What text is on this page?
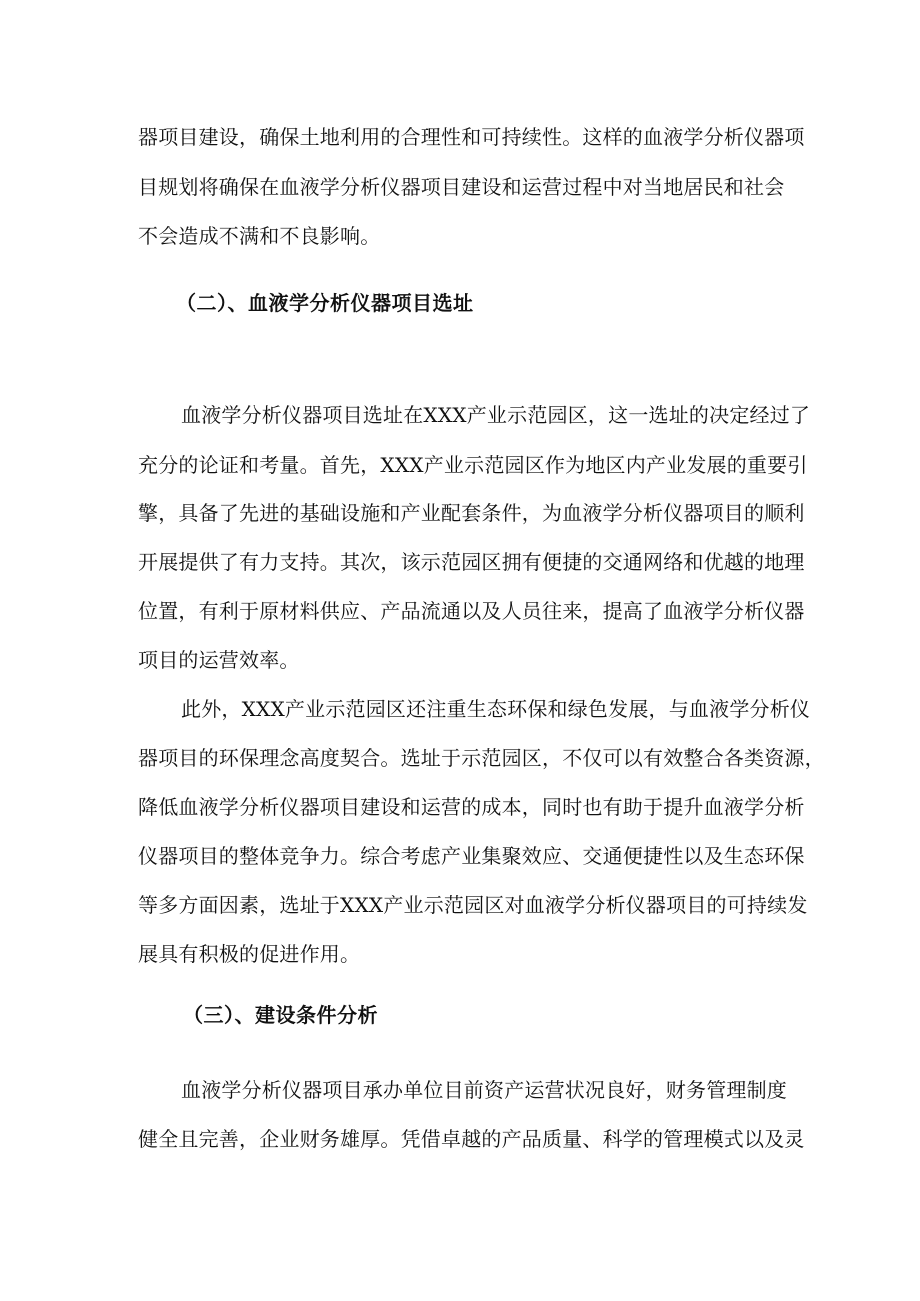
器项目建设，确保土地利用的合理性和可持续性。这样的血液学分析仪器项
目规划将确保在血液学分析仪器项目建设和运营过程中对当地居民和社会
不会造成不满和不良影响。
（二）、血液学分析仪器项目选址
血液学分析仪器项目选址在XXX产业示范园区，这一选址的决定经过了
充分的论证和考量。首先，XXX产业示范园区作为地区内产业发展的重要引
擎，具备了先进的基础设施和产业配套条件，为血液学分析仪器项目的顺利
开展提供了有力支持。其次，该示范园区拥有便捷的交通网络和优越的地理
位置，有利于原材料供应、产品流通以及人员往来，提高了血液学分析仪器
项目的运营效率。
此外，XXX产业示范园区还注重生态环保和绿色发展，与血液学分析仪
器项目的环保理念高度契合。选址于示范园区，不仅可以有效整合各类资源，
降低血液学分析仪器项目建设和运营的成本，同时也有助于提升血液学分析
仪器项目的整体竞争力。综合考虑产业集聚效应、交通便捷性以及生态环保
等多方面因素，选址于XXX产业示范园区对血液学分析仪器项目的可持续发
展具有积极的促进作用。
（三）、建设条件分析
血液学分析仪器项目承办单位目前资产运营状况良好，财务管理制度
健全且完善，企业财务雄厚。凭借卓越的产品质量、科学的管理模式以及灵
